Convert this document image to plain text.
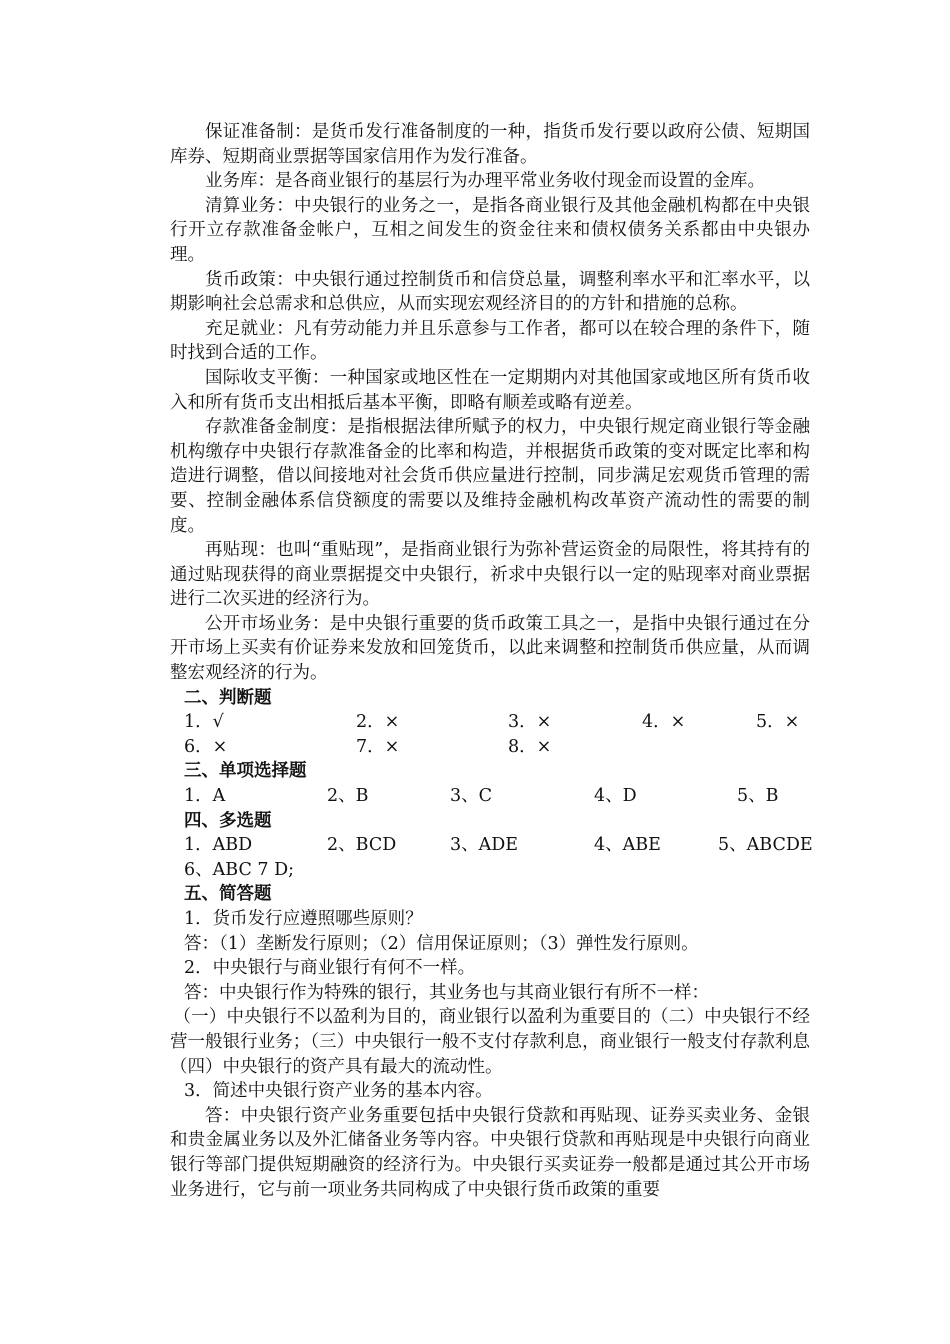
保证准备制：是货币发行准备制度的一种，指货币发行要以政府公债、短期国库券、短期商业票据等国家信用作为发行准备。

业务库：是各商业银行的基层行为办理平常业务收付现金而设置的金库。

清算业务：中央银行的业务之一，是指各商业银行及其他金融机构都在中央银行开立存款准备金帐户，互相之间发生的资金往来和债权债务关系都由中央银办理。

货币政策：中央银行通过控制货币和信贷总量，调整利率水平和汇率水平，以期影响社会总需求和总供应，从而实现宏观经济目的的方针和措施的总称。

充足就业：凡有劳动能力并且乐意参与工作者，都可以在较合理的条件下，随时找到合适的工作。

国际收支平衡：一种国家或地区性在一定期期内对其他国家或地区所有货币收入和所有货币支出相抵后基本平衡，即略有顺差或略有逆差。

存款准备金制度：是指根据法律所赋予的权力，中央银行规定商业银行等金融机构缴存中央银行存款准备金的比率和构造，并根据货币政策的变对既定比率和构造进行调整，借以间接地对社会货币供应量进行控制，同步满足宏观货币管理的需要、控制金融体系信贷额度的需要以及维持金融机构改革资产流动性的需要的制度。

再贴现：也叫“重贴现”，是指商业银行为弥补营运资金的局限性，将其持有的通过贴现获得的商业票据提交中央银行，祈求中央银行以一定的贴现率对商业票据进行二次买进的经济行为。

公开市场业务：是中央银行重要的货币政策工具之一，是指中央银行通过在分开市场上买卖有价证券来发放和回笼货币，以此来调整和控制货币供应量，从而调整宏观经济的行为。

二、判断题
1．√	2．×	3．×	4．×	5．×
6．×	7．×	8．×
三、单项选择题
1．A	2、B	3、C	4、D	5、B
四、多选题
1．ABD	2、BCD	3、ADE	4、ABE	5、ABCDE
6、ABC 7 D;
五、简答题
1．货币发行应遵照哪些原则？
答：（1）垄断发行原则；（2）信用保证原则；（3）弹性发行原则。
2．中央银行与商业银行有何不一样。
答：中央银行作为特殊的银行，其业务也与其商业银行有所不一样：

（一）中央银行不以盈利为目的，商业银行以盈利为重要目的（二）中央银行不经营一般银行业务；（三）中央银行一般不支付存款利息，商业银行一般支付存款利息（四）中央银行的资产具有最大的流动性。

3．简述中央银行资产业务的基本内容。

答：中央银行资产业务重要包括中央银行贷款和再贴现、证券买卖业务、金银和贵金属业务以及外汇储备业务等内容。中央银行贷款和再贴现是中央银行向商业银行等部门提供短期融资的经济行为。中央银行买卖证券一般都是通过其公开市场业务进行，它与前一项业务共同构成了中央银行货币政策的重要
